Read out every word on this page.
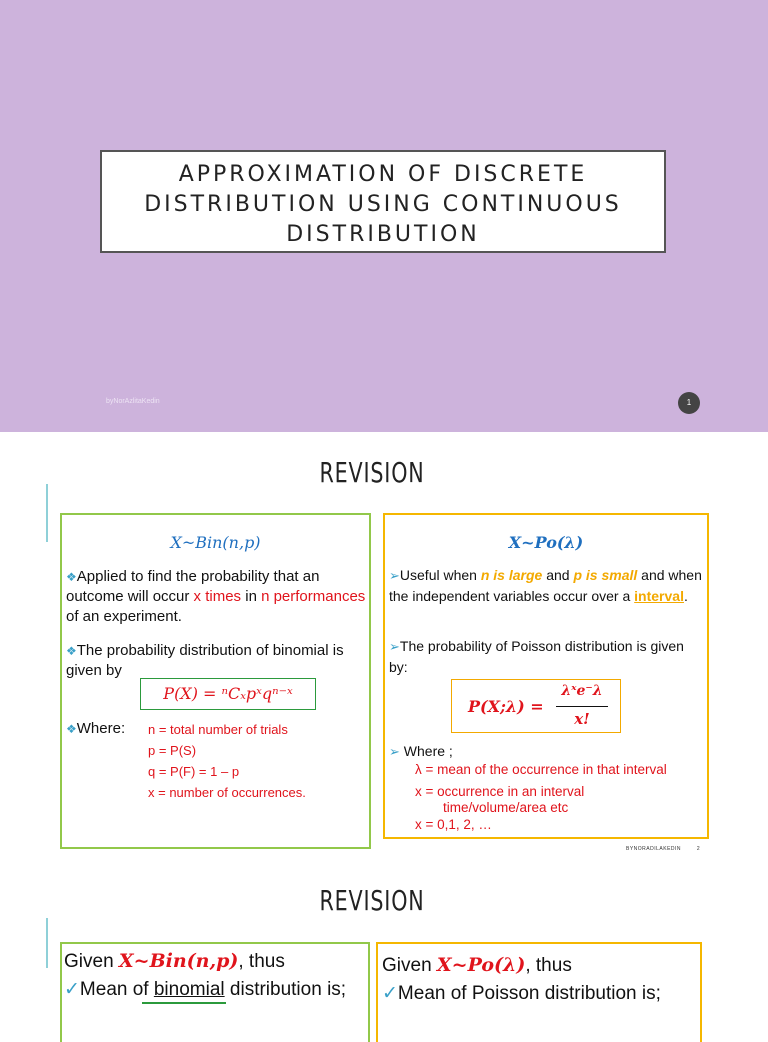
APPROXIMATION OF DISCRETE
DISTRIBUTION USING CONTINUOUS
DISTRIBUTION
byNorAzlitaKedin	1
REVISION
X~Bin(n,p)
❖Applied to find the probability that an outcome will occur x times in n performances of an experiment.
❖The probability distribution of binomial is given by
P(X) = ⁿCₓpˣqⁿ⁻ˣ
❖Where:	n = total number of trials
p = P(S)
q = P(F) = 1 – p
x = number of occurrences.
X~Po(λ)
➢Useful when n is large and p is small and when the independent variables occur over a interval.
➢The probability of Poisson distribution is given by:
P(X;λ) =
λˣe⁻λ
x!
➢ Where ;
λ = mean of the occurrence in that interval
x = occurrence in an interval
time/volume/area etc
x = 0,1, 2, …
BYNORADILAKEDIN	2
REVISION
Given X~Bin(n,p), thus
✓Mean of binomial distribution is;
Given X~Po(λ), thus
✓Mean of Poisson distribution is;
